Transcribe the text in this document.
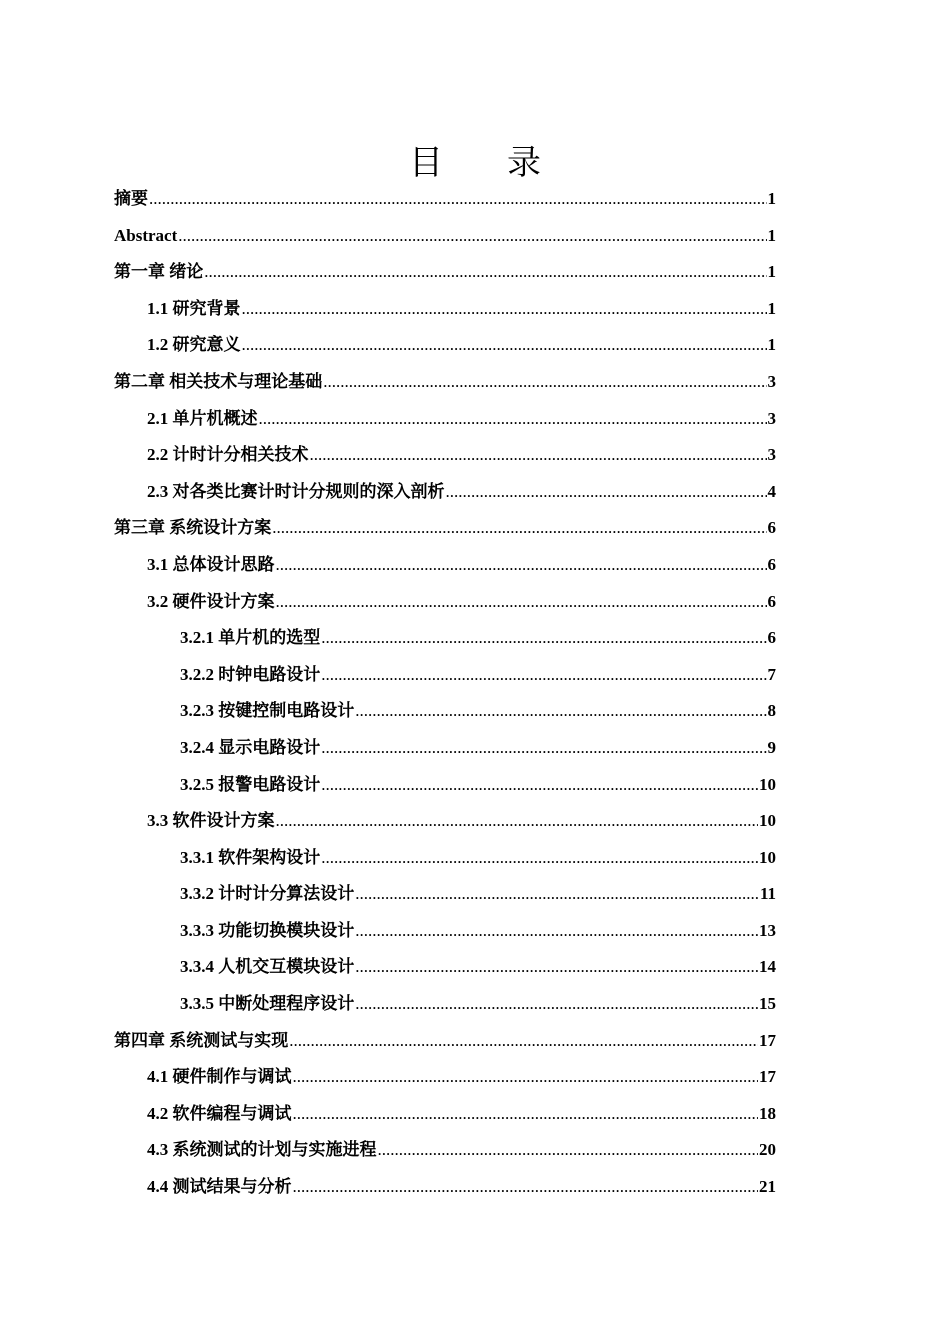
目 录
摘要 .....	1
Abstract .....	1
第一章 绪论 .....	1
1.1 研究背景 .....	1
1.2 研究意义 .....	1
第二章 相关技术与理论基础 .....	3
2.1 单片机概述 .....	3
2.2 计时计分相关技术 .....	3
2.3 对各类比赛计时计分规则的深入剖析 .....	4
第三章 系统设计方案 .....	6
3.1 总体设计思路 .....	6
3.2 硬件设计方案 .....	6
3.2.1 单片机的选型 .....	6
3.2.2 时钟电路设计 .....	7
3.2.3 按键控制电路设计 .....	8
3.2.4 显示电路设计 .....	9
3.2.5 报警电路设计 .....	10
3.3 软件设计方案 .....	10
3.3.1 软件架构设计 .....	10
3.3.2 计时计分算法设计 .....	11
3.3.3 功能切换模块设计 .....	13
3.3.4 人机交互模块设计 .....	14
3.3.5 中断处理程序设计 .....	15
第四章 系统测试与实现 .....	17
4.1 硬件制作与调试 .....	17
4.2 软件编程与调试 .....	18
4.3 系统测试的计划与实施进程 .....	20
4.4 测试结果与分析 .....	21
